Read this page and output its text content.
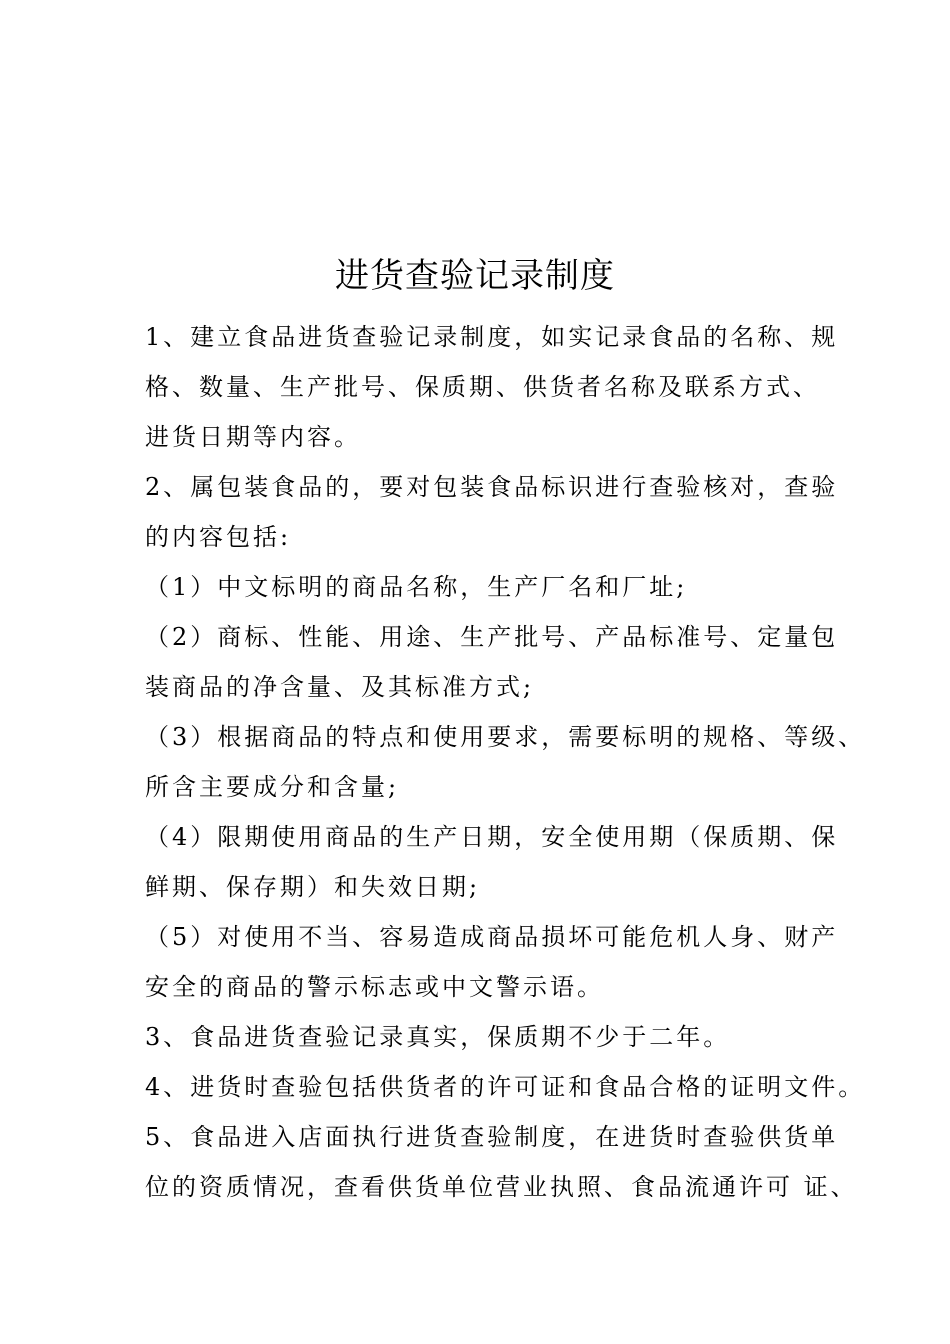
进货查验记录制度
1、建立食品进货查验记录制度，如实记录食品的名称、规
格、数量、生产批号、保质期、供货者名称及联系方式、
进货日期等内容。
2、属包装食品的，要对包装食品标识进行查验核对，查验
的内容包括:
（1）中文标明的商品名称，生产厂名和厂址;
（2）商标、性能、用途、生产批号、产品标准号、定量包
装商品的净含量、及其标准方式;
（3）根据商品的特点和使用要求，需要标明的规格、等级、
所含主要成分和含量;
（4）限期使用商品的生产日期，安全使用期（保质期、保
鲜期、保存期）和失效日期;
（5）对使用不当、容易造成商品损坏可能危机人身、财产
安全的商品的警示标志或中文警示语。
3、食品进货查验记录真实，保质期不少于二年。
4、进货时查验包括供货者的许可证和食品合格的证明文件。
5、食品进入店面执行进货查验制度，在进货时查验供货单
位的资质情况，查看供货单位营业执照、食品流通许可 证、
